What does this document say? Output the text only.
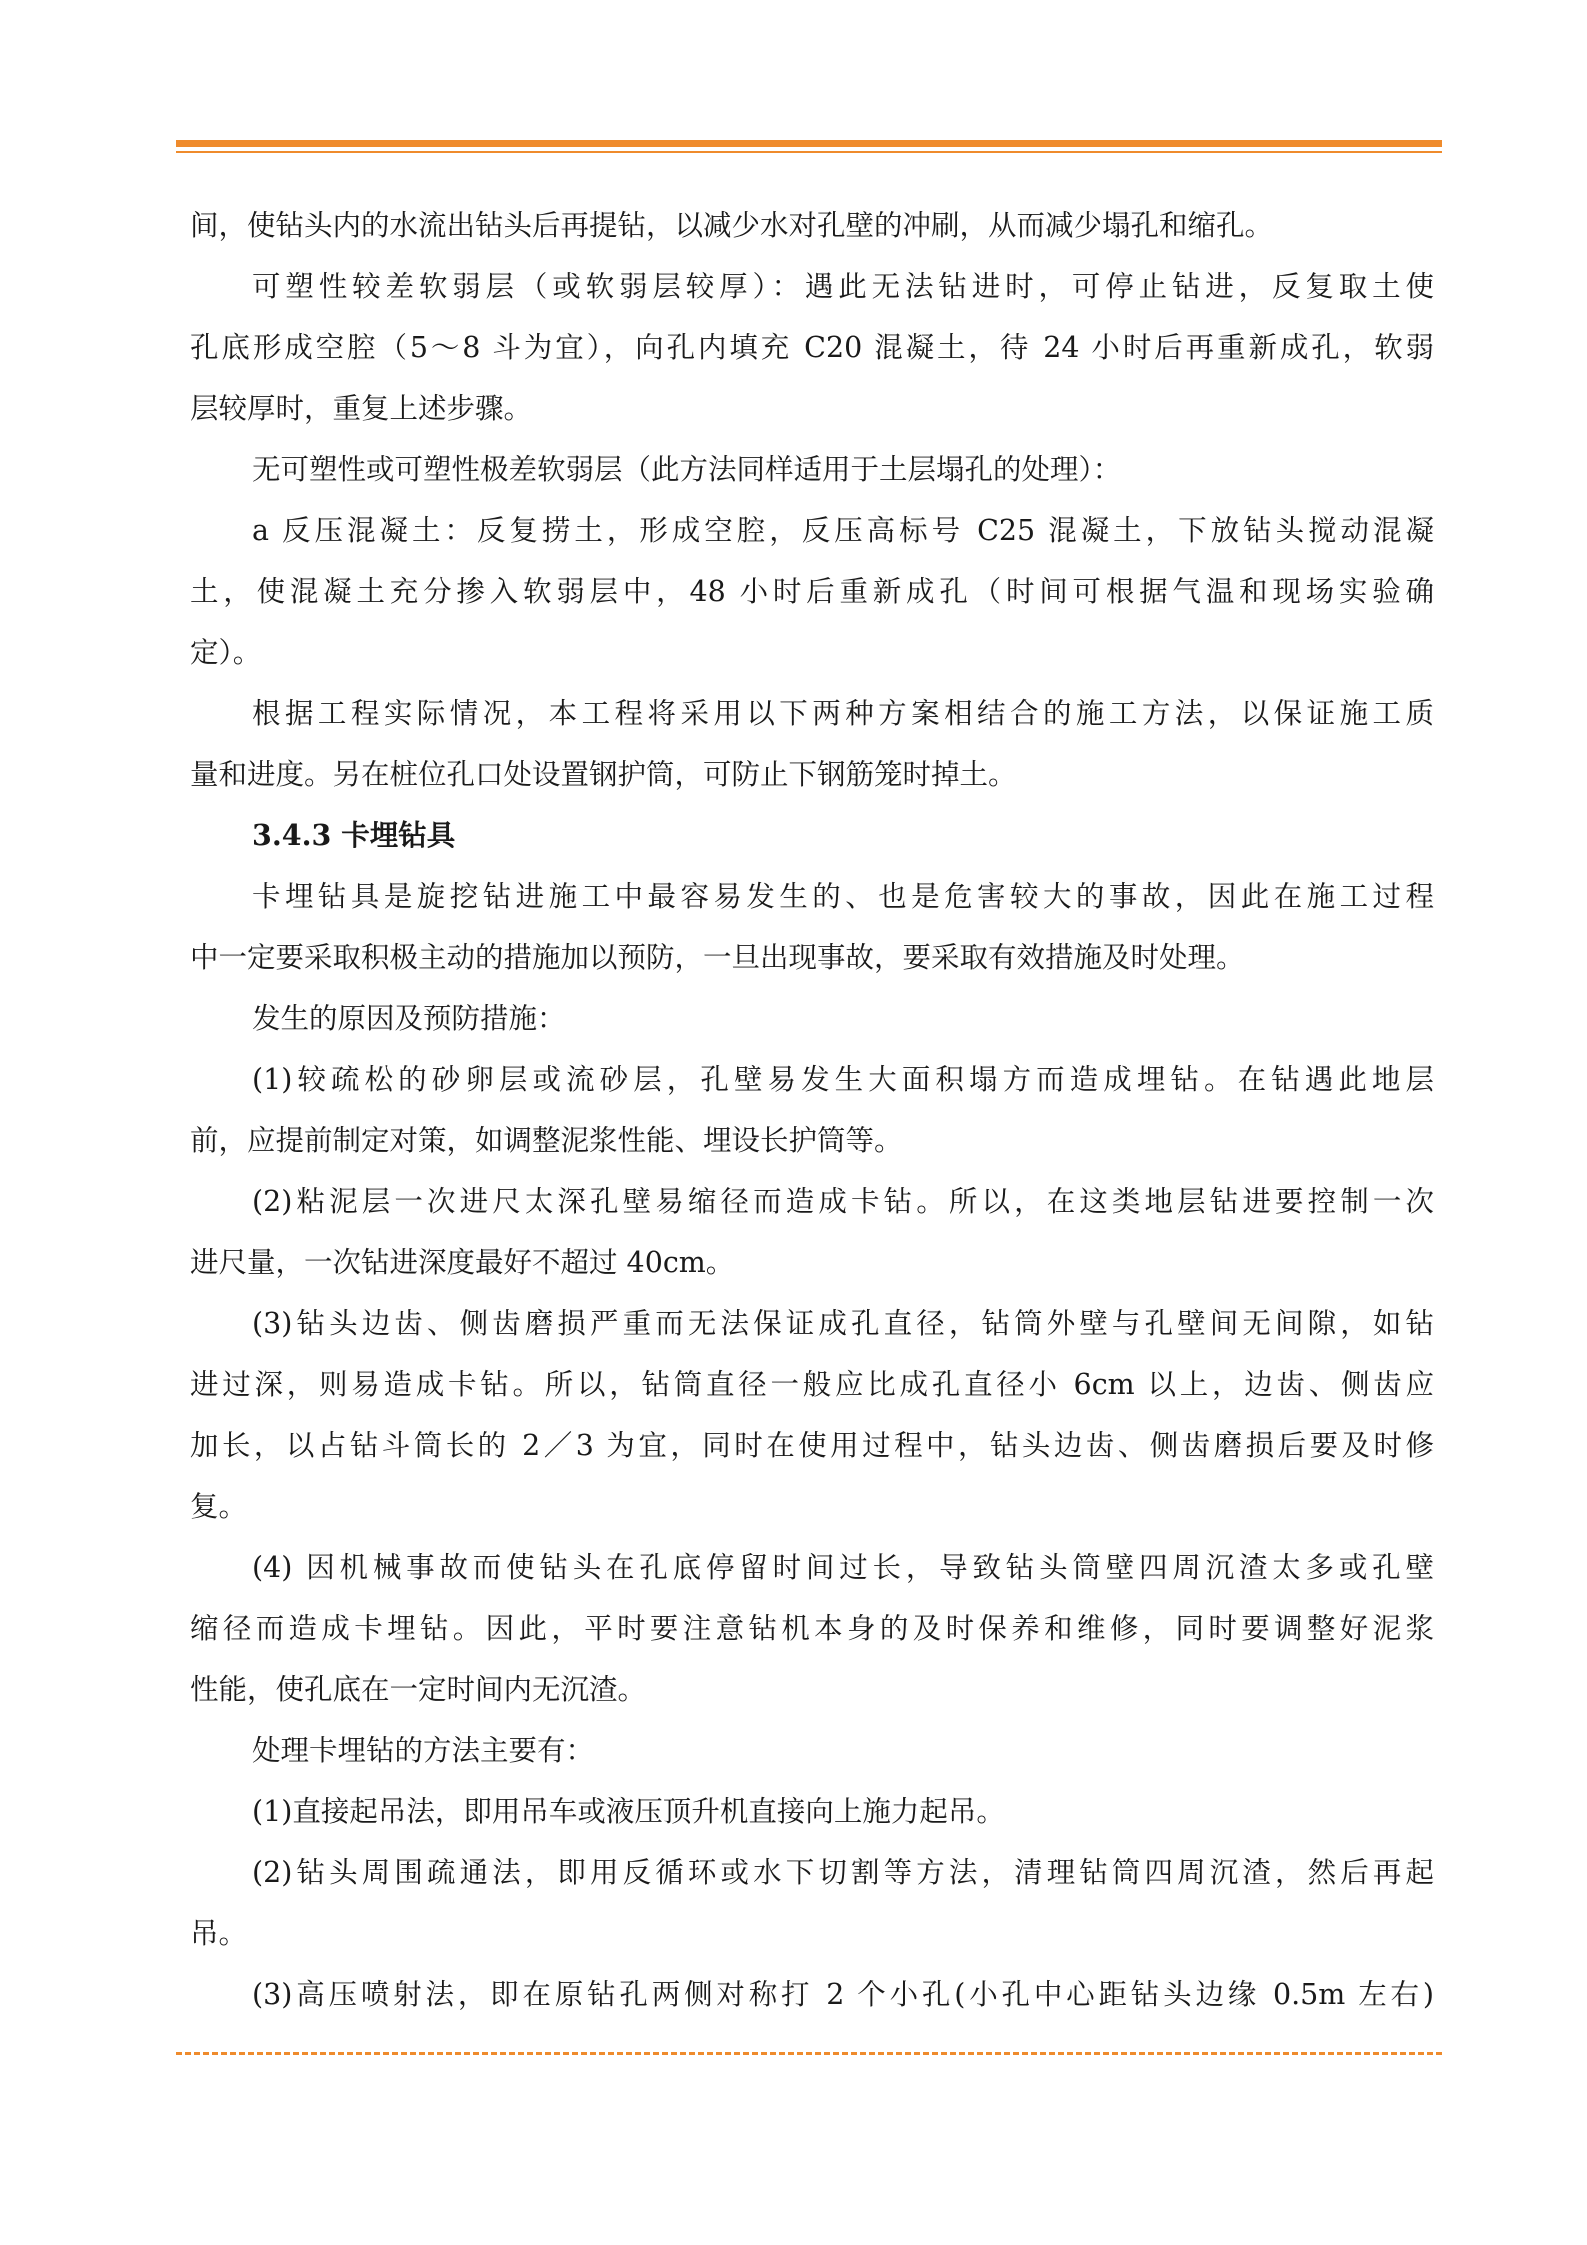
间，使钻头内的水流出钻头后再提钻，以减少水对孔壁的冲刷，从而减少塌孔和缩孔。
可塑性较差软弱层（或软弱层较厚）：遇此无法钻进时，可停止钻进，反复取土使
孔底形成空腔（5～8 斗为宜），向孔内填充 C20 混凝土，待 24 小时后再重新成孔，软弱
层较厚时，重复上述步骤。
无可塑性或可塑性极差软弱层（此方法同样适用于土层塌孔的处理）：
a 反压混凝土：反复捞土，形成空腔，反压高标号 C25 混凝土，下放钻头搅动混凝
土，使混凝土充分掺入软弱层中，48 小时后重新成孔（时间可根据气温和现场实验确
定）。
根据工程实际情况，本工程将采用以下两种方案相结合的施工方法，以保证施工质
量和进度。另在桩位孔口处设置钢护筒，可防止下钢筋笼时掉土。
3.4.3 卡埋钻具
卡埋钻具是旋挖钻进施工中最容易发生的、也是危害较大的事故，因此在施工过程
中一定要采取积极主动的措施加以预防，一旦出现事故，要采取有效措施及时处理。
发生的原因及预防措施：
(1)较疏松的砂卵层或流砂层，孔壁易发生大面积塌方而造成埋钻。在钻遇此地层
前，应提前制定对策，如调整泥浆性能、埋设长护筒等。
(2)粘泥层一次进尺太深孔壁易缩径而造成卡钻。所以，在这类地层钻进要控制一次
进尺量，一次钻进深度最好不超过 40cm。
(3)钻头边齿、侧齿磨损严重而无法保证成孔直径，钻筒外壁与孔壁间无间隙，如钻
进过深，则易造成卡钻。所以，钻筒直径一般应比成孔直径小 6cm 以上，边齿、侧齿应
加长，以占钻斗筒长的 2／3 为宜，同时在使用过程中，钻头边齿、侧齿磨损后要及时修
复。
(4) 因机械事故而使钻头在孔底停留时间过长，导致钻头筒壁四周沉渣太多或孔壁
缩径而造成卡埋钻。因此，平时要注意钻机本身的及时保养和维修，同时要调整好泥浆
性能，使孔底在一定时间内无沉渣。
处理卡埋钻的方法主要有：
(1)直接起吊法，即用吊车或液压顶升机直接向上施力起吊。
(2)钻头周围疏通法，即用反循环或水下切割等方法，清理钻筒四周沉渣，然后再起
吊。
(3)高压喷射法，即在原钻孔两侧对称打 2 个小孔(小孔中心距钻头边缘 0.5m 左右)
